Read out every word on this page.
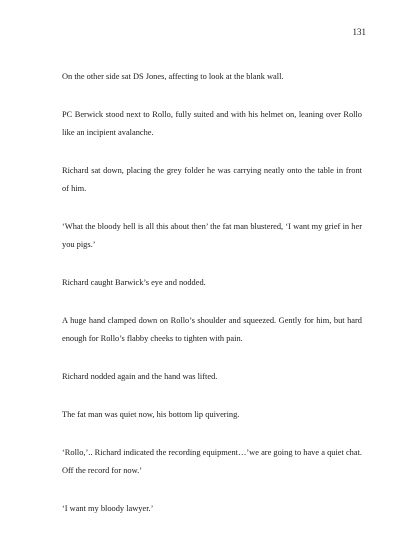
131

On the other side sat DS Jones, affecting to look at the blank wall.

PC Berwick stood next to Rollo, fully suited and with his helmet on, leaning over Rollo like an incipient avalanche.

Richard sat down, placing the grey folder he was carrying neatly onto the table in front of him.

‘What the bloody hell is all this about then’ the fat man blustered, ‘I want my grief in her you pigs.’

Richard caught Barwick’s eye and nodded.

A huge hand clamped down on Rollo’s shoulder and squeezed. Gently for him, but hard enough for Rollo’s flabby cheeks to tighten with pain.

Richard nodded again and the hand was lifted.

The fat man was quiet now, his bottom lip quivering.

‘Rollo,’.. Richard indicated the recording equipment…’we are going to have a quiet chat. Off the record for now.’

‘I want my bloody lawyer.’
